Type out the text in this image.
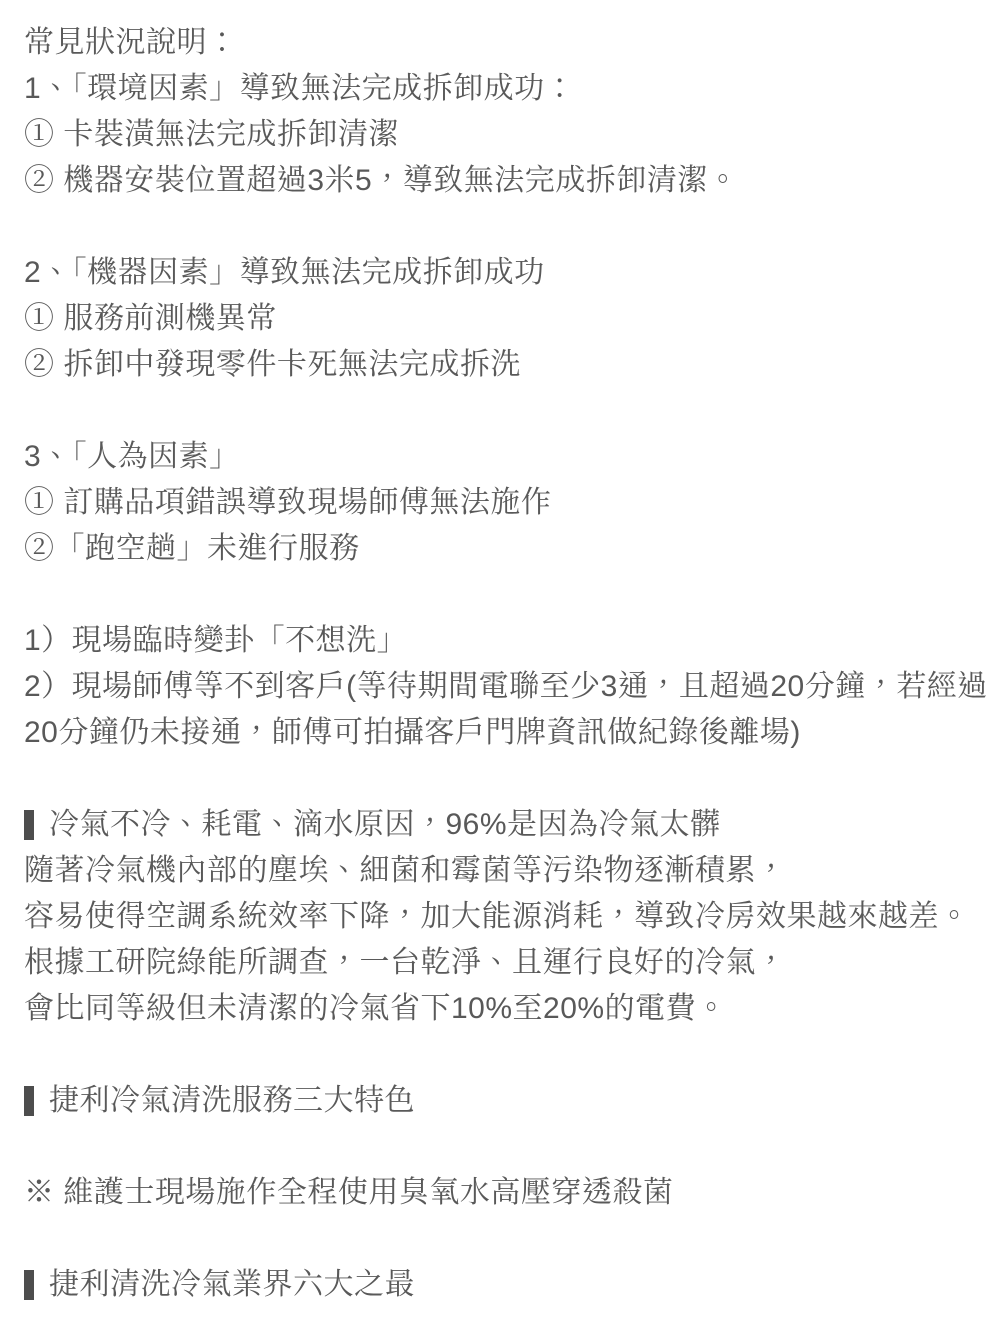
常見狀況說明：
1、「環境因素」導致無法完成拆卸成功：
① 卡裝潢無法完成拆卸清潔
② 機器安裝位置超過3米5，導致無法完成拆卸清潔。
2、「機器因素」導致無法完成拆卸成功
① 服務前測機異常
② 拆卸中發現零件卡死無法完成拆洗
3、「人為因素」
① 訂購品項錯誤導致現場師傅無法施作
②「跑空趟」未進行服務
1）現場臨時變卦「不想洗」
2）現場師傅等不到客戶(等待期間電聯至少3通，且超過20分鐘，若經過20分鐘仍未接通，師傅可拍攝客戶門牌資訊做紀錄後離場)
冷氣不冷、耗電、滴水原因，96%是因為冷氣太髒
隨著冷氣機內部的塵埃、細菌和霉菌等污染物逐漸積累，
容易使得空調系統效率下降，加大能源消耗，導致冷房效果越來越差。
根據工研院綠能所調查，一台乾淨、且運行良好的冷氣，
會比同等級但未清潔的冷氣省下10%至20%的電費。
捷利冷氣清洗服務三大特色
※ 維護士現場施作全程使用臭氧水高壓穿透殺菌
捷利清洗冷氣業界六大之最
